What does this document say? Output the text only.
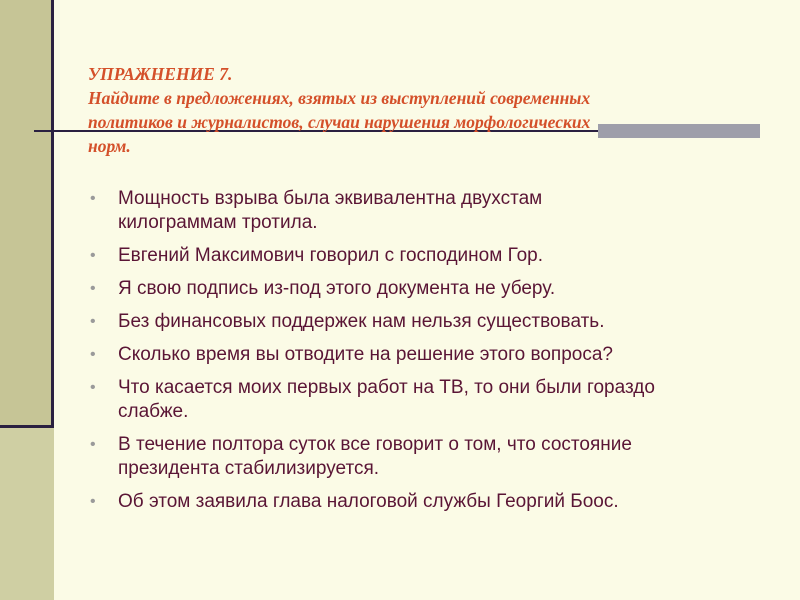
УПРАЖНЕНИЕ 7.
Найдите в предложениях, взятых из выступлений современных
политиков и журналистов, случаи нарушения морфологических
норм.
• Мощность взрыва была эквивалентна двухстам
килограммам тротила.
• Евгений Максимович говорил с господином Гор.
• Я свою подпись из-под этого документа не уберу.
• Без финансовых поддержек нам нельзя существовать.
• Сколько время вы отводите на решение этого вопроса?
• Что касается моих первых работ на ТВ, то они были гораздо
слабже.
• В течение полтора суток все говорит о том, что состояние
президента стабилизируется.
• Об этом заявила глава налоговой службы Георгий Боос.
